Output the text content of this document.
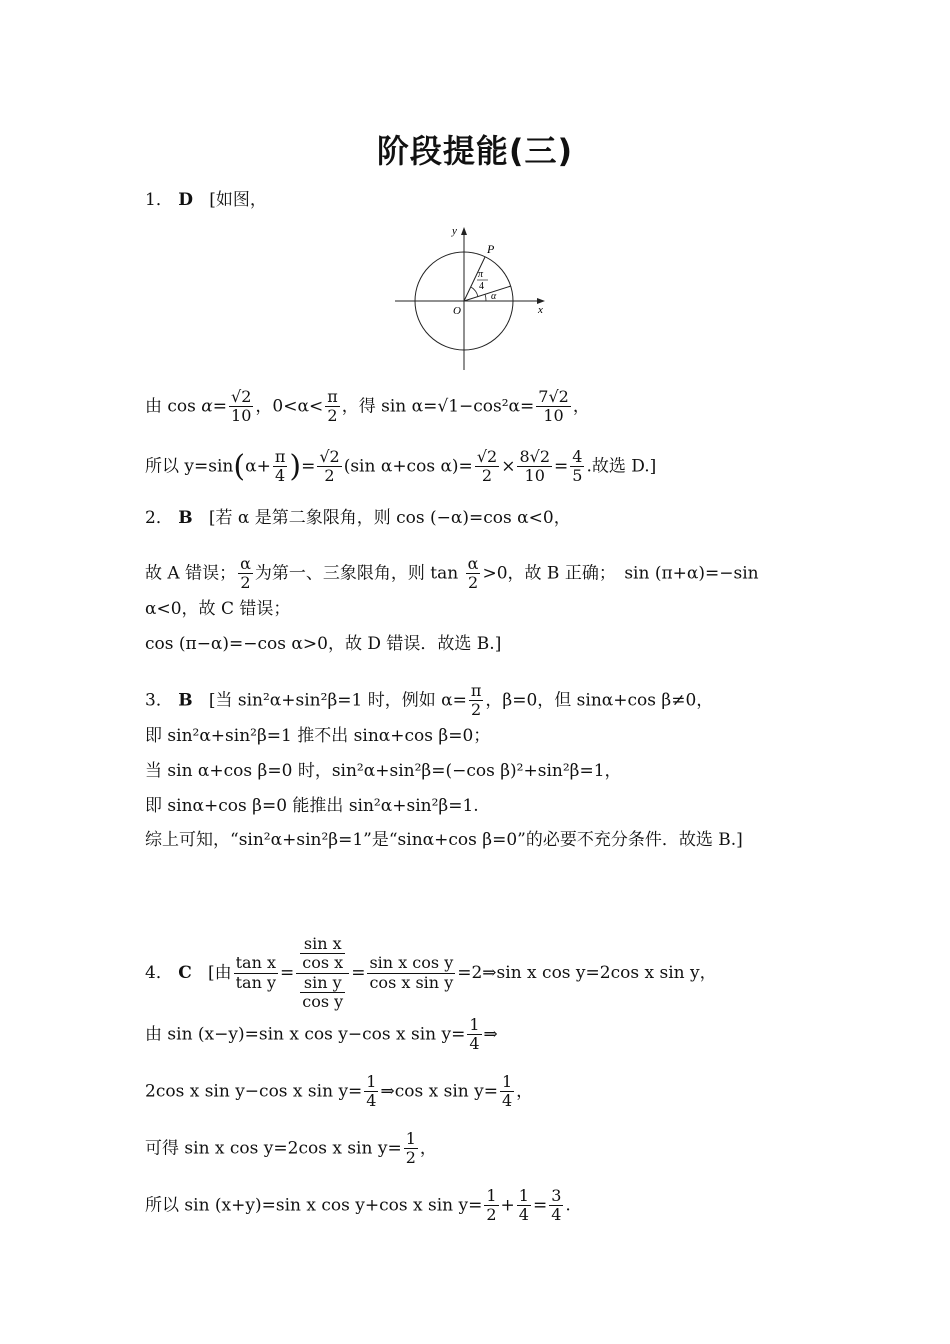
阶段提能(三)
1． D [如图，
y
x
O
P
π
4
α
由 $\cos \alpha= \frac{√2}{10}$ ，$0<\alpha< \frac{\pi}{2}$ ，得 $\sin \alpha=√1-\cos^2\alpha= \frac{7√2}{10}$ ，
所以 $y=\sin(\alpha+ \frac{\pi}{4}$ )= $\frac{√2}{2} (\sin$ α+cos $\alpha)= \frac{√2}{2} \times \frac{8√2}{10} = \frac{4}{5}$ .故选 D.]
2． B [若 α 是第二象限角，则 cos (−α)=cos α<0，
故 A 错误； $\frac{\alpha}{2}$ 为第一、三象限角，则 $\tan \frac{\alpha}{2} >0$，故 B 正确；　sin (π+α)=−sin
α<0，故 C 错误；
cos (π−α)=−cos α>0，故 D 错误．故选 B.]
3． B [当 sin²α+sin²β=1 时，例如 $\alpha= \frac{\pi}{2}$ ，β=0，但 sinα+cos β≠0，
即 sin²α+sin²β=1 推不出 sinα+cos β=0；
当 sin α+cos β=0 时，sin²α+sin²β=(−cos β)²+sin²β=1，
即 sinα+cos β=0 能推出 sin²α+sin²β=1.
综上可知，“sin²α+sin²β=1”是“sinα+cos β=0”的必要不充分条件．故选 B.]
4． C [由 $\frac{\text{tan x}}{\text{tan y}} = \frac{\frac{\text{sin x}}{\text{cos x}}}{\frac{\text{sin y}}{\text{cos y}}} = \frac{\text{sin x cos y}}{\text{cos x sin y}}$ =2⇒sin x cos y=2cos x sin y，
由 sin (x−y)=sin x cos y−cos x $\sin y= \frac{1}{4}$ ⇒
2cos x sin y−cos x $\sin y= \frac{1}{4}$ ⇒cos x $\sin y= \frac{1}{4}$ ，
可得 sin x cos y=2cos x $\sin y= \frac{1}{2}$ ，
所以 sin (x+y)=sin x cos y+cos x $\sin y= \frac{1}{2} + \frac{1}{4} = \frac{3}{4}$ .
